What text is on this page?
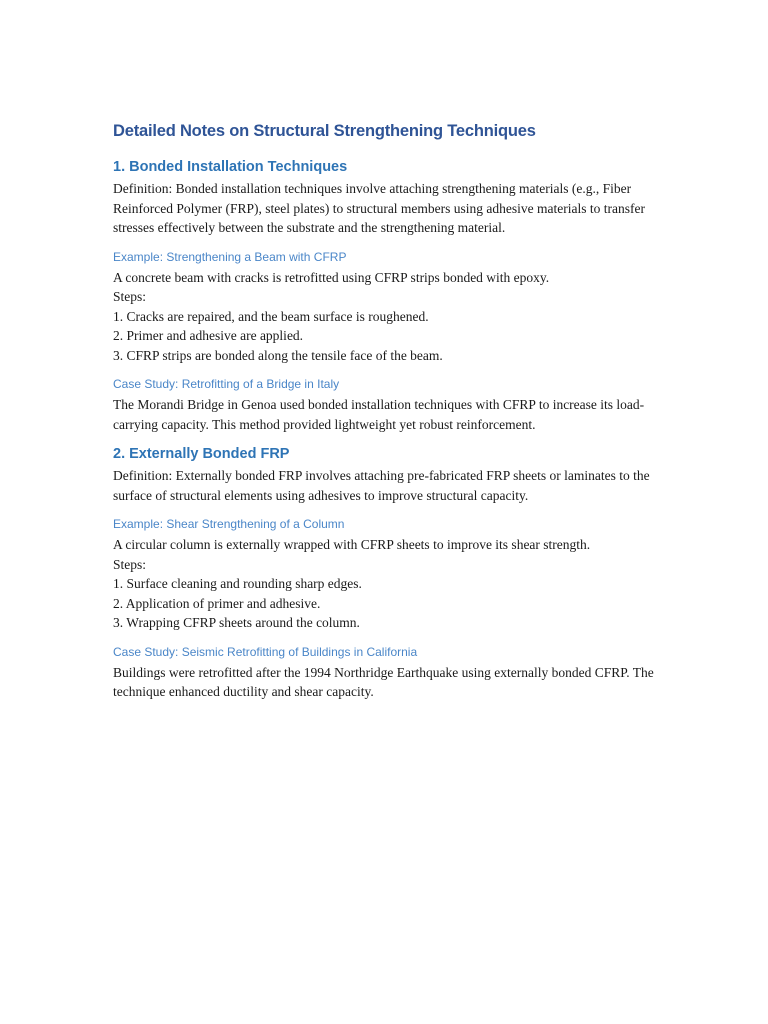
Detailed Notes on Structural Strengthening Techniques
1. Bonded Installation Techniques
Definition: Bonded installation techniques involve attaching strengthening materials (e.g., Fiber Reinforced Polymer (FRP), steel plates) to structural members using adhesive materials to transfer stresses effectively between the substrate and the strengthening material.
Example: Strengthening a Beam with CFRP
A concrete beam with cracks is retrofitted using CFRP strips bonded with epoxy.
Steps:
1. Cracks are repaired, and the beam surface is roughened.
2. Primer and adhesive are applied.
3. CFRP strips are bonded along the tensile face of the beam.
Case Study: Retrofitting of a Bridge in Italy
The Morandi Bridge in Genoa used bonded installation techniques with CFRP to increase its load-carrying capacity. This method provided lightweight yet robust reinforcement.
2. Externally Bonded FRP
Definition: Externally bonded FRP involves attaching pre-fabricated FRP sheets or laminates to the surface of structural elements using adhesives to improve structural capacity.
Example: Shear Strengthening of a Column
A circular column is externally wrapped with CFRP sheets to improve its shear strength.
Steps:
1. Surface cleaning and rounding sharp edges.
2. Application of primer and adhesive.
3. Wrapping CFRP sheets around the column.
Case Study: Seismic Retrofitting of Buildings in California
Buildings were retrofitted after the 1994 Northridge Earthquake using externally bonded CFRP. The technique enhanced ductility and shear capacity.
